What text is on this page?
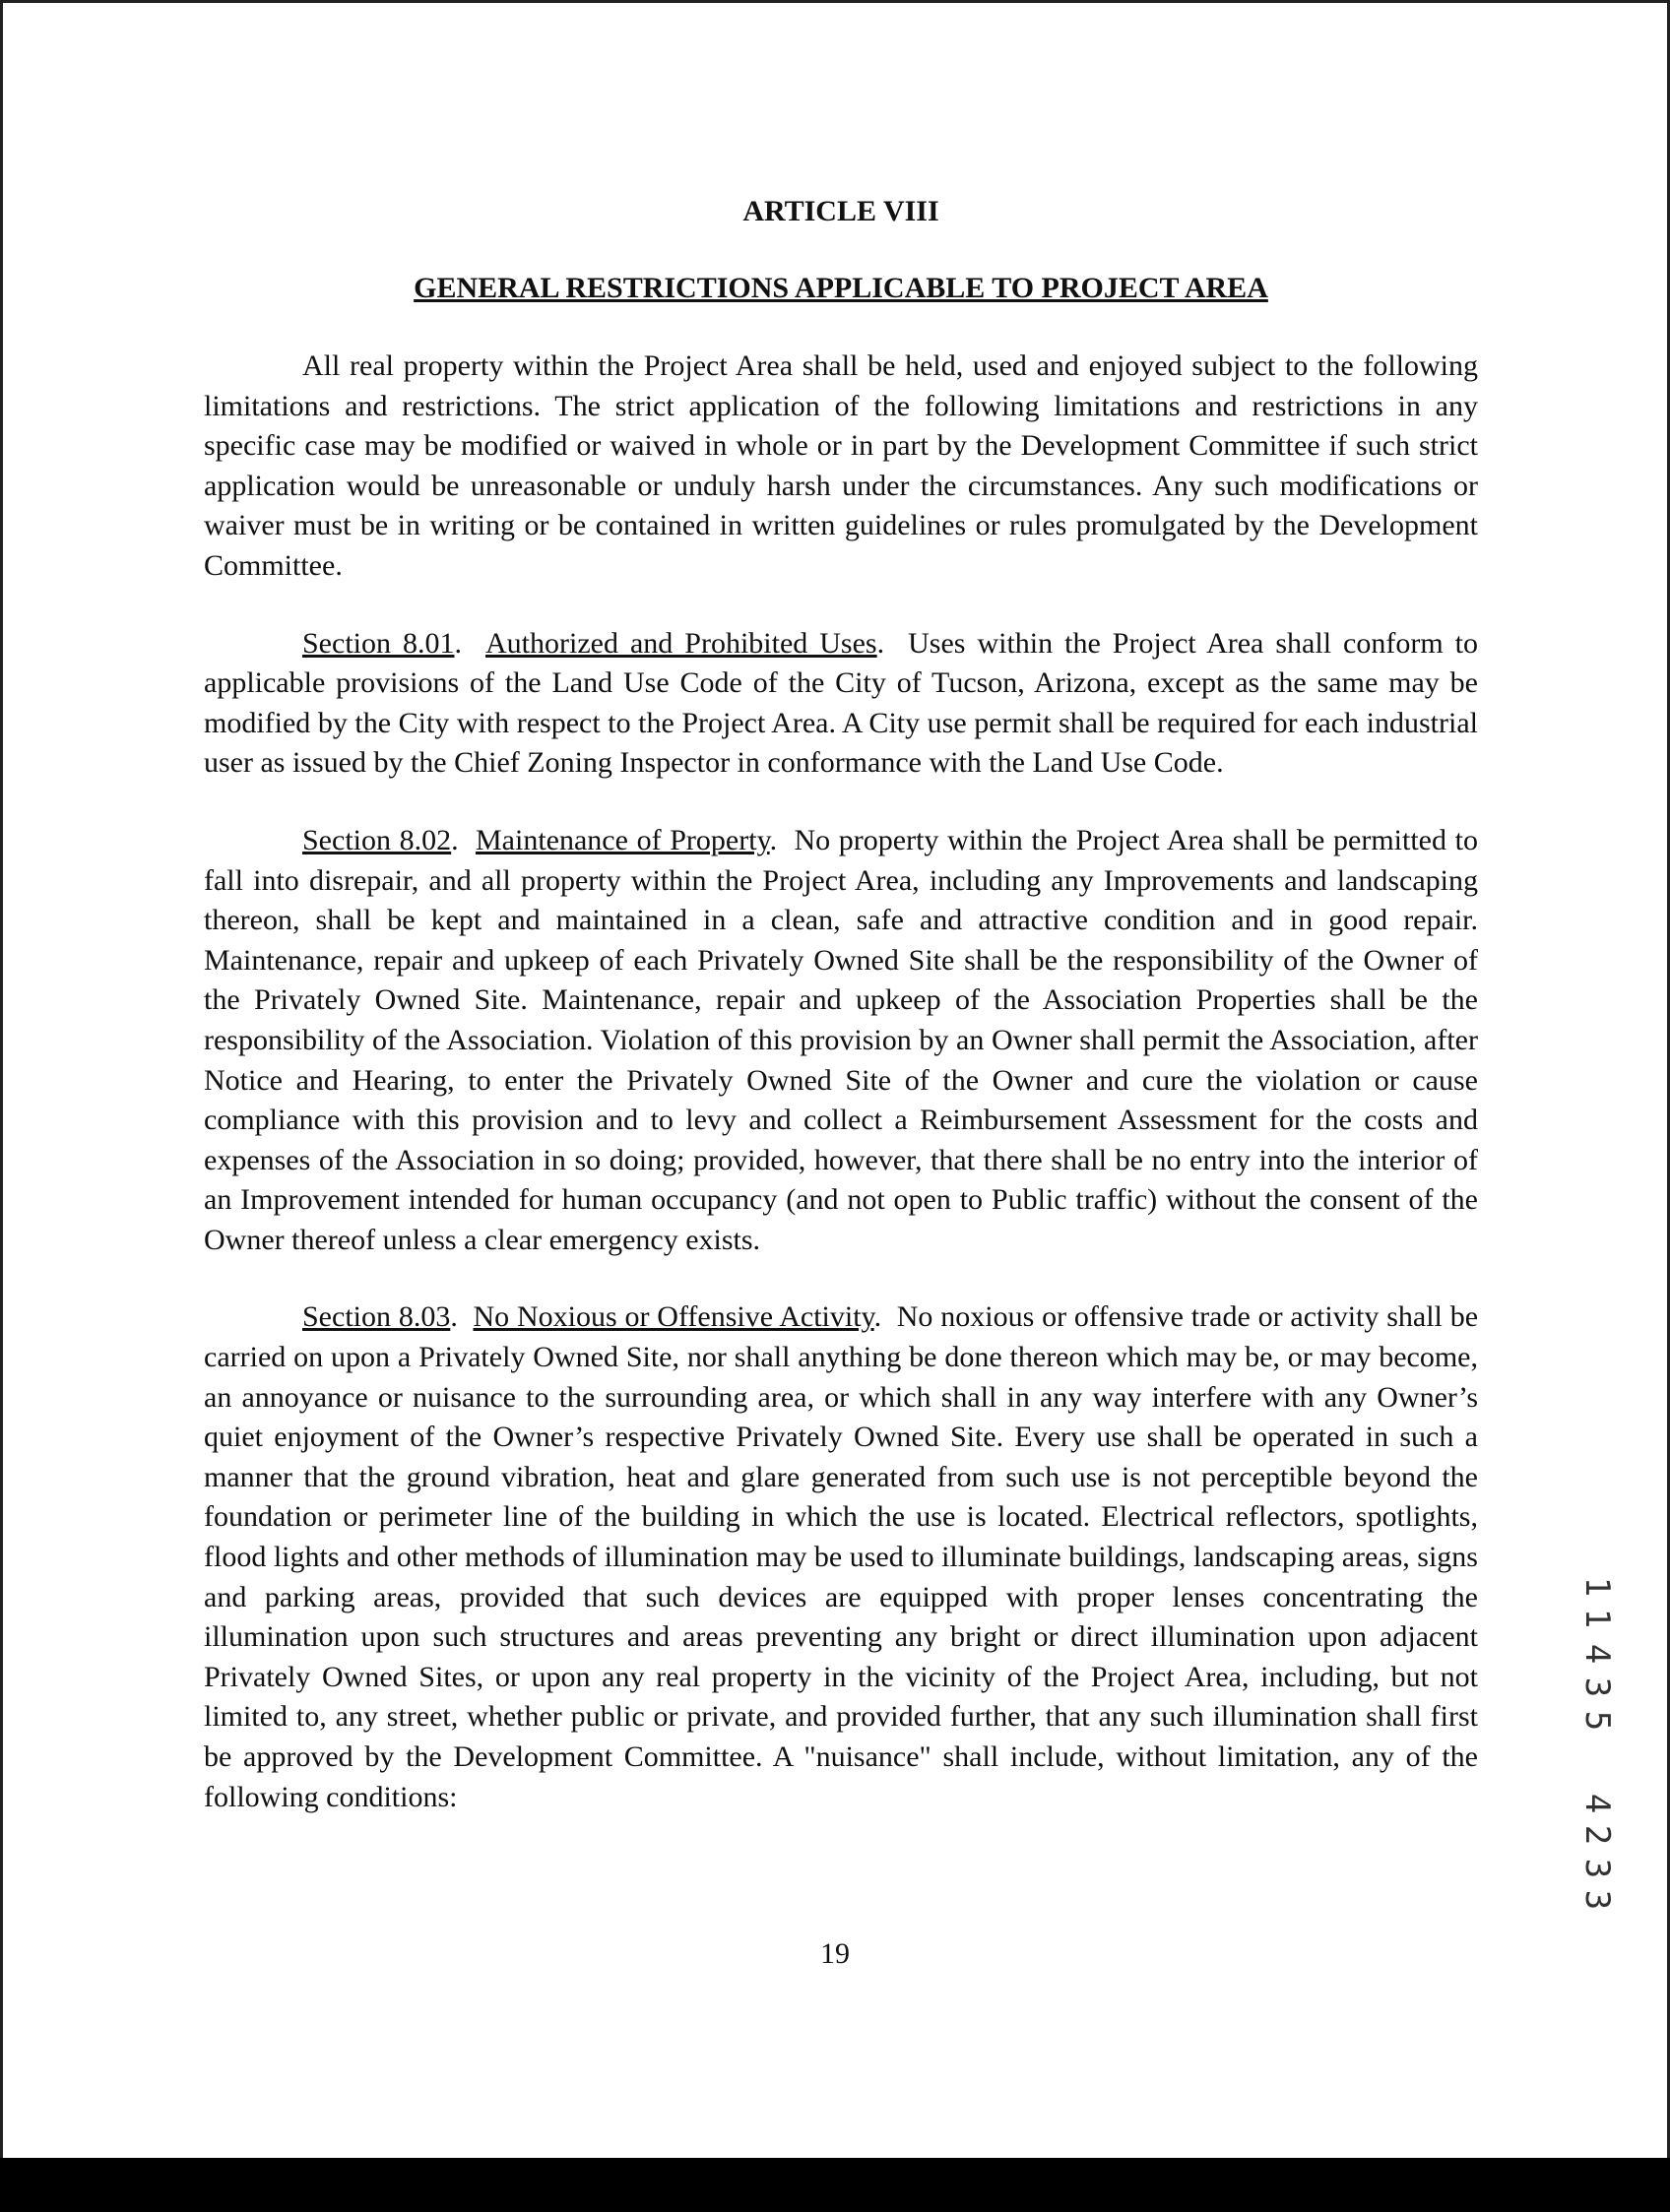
ARTICLE VIII
GENERAL RESTRICTIONS APPLICABLE TO PROJECT AREA

All real property within the Project Area shall be held, used and enjoyed subject to the following limitations and restrictions. The strict application of the following limitations and restrictions in any specific case may be modified or waived in whole or in part by the Development Committee if such strict application would be unreasonable or unduly harsh under the circumstances. Any such modifications or waiver must be in writing or be contained in written guidelines or rules promulgated by the Development Committee.

Section 8.01.  Authorized and Prohibited Uses.  Uses within the Project Area shall conform to applicable provisions of the Land Use Code of the City of Tucson, Arizona, except as the same may be modified by the City with respect to the Project Area. A City use permit shall be required for each industrial user as issued by the Chief Zoning Inspector in conformance with the Land Use Code.

Section 8.02.  Maintenance of Property.  No property within the Project Area shall be permitted to fall into disrepair, and all property within the Project Area, including any Improvements and landscaping thereon, shall be kept and maintained in a clean, safe and attractive condition and in good repair. Maintenance, repair and upkeep of each Privately Owned Site shall be the responsibility of the Owner of the Privately Owned Site. Maintenance, repair and upkeep of the Association Properties shall be the responsibility of the Association. Violation of this provision by an Owner shall permit the Association, after Notice and Hearing, to enter the Privately Owned Site of the Owner and cure the violation or cause compliance with this provision and to levy and collect a Reimbursement Assessment for the costs and expenses of the Association in so doing; provided, however, that there shall be no entry into the interior of an Improvement intended for human occupancy (and not open to Public traffic) without the consent of the Owner thereof unless a clear emergency exists.

Section 8.03.  No Noxious or Offensive Activity.  No noxious or offensive trade or activity shall be carried on upon a Privately Owned Site, nor shall anything be done thereon which may be, or may become, an annoyance or nuisance to the surrounding area, or which shall in any way interfere with any Owner’s quiet enjoyment of the Owner’s respective Privately Owned Site. Every use shall be operated in such a manner that the ground vibration, heat and glare generated from such use is not perceptible beyond the foundation or perimeter line of the building in which the use is located. Electrical reflectors, spotlights, flood lights and other methods of illumination may be used to illuminate buildings, landscaping areas, signs and parking areas, provided that such devices are equipped with proper lenses concentrating the illumination upon such structures and areas preventing any bright or direct illumination upon adjacent Privately Owned Sites, or upon any real property in the vicinity of the Project Area, including, but not limited to, any street, whether public or private, and provided further, that any such illumination shall first be approved by the Development Committee. A "nuisance" shall include, without limitation, any of the following conditions:

3
3
2
4
5
3
4
1
1
19
